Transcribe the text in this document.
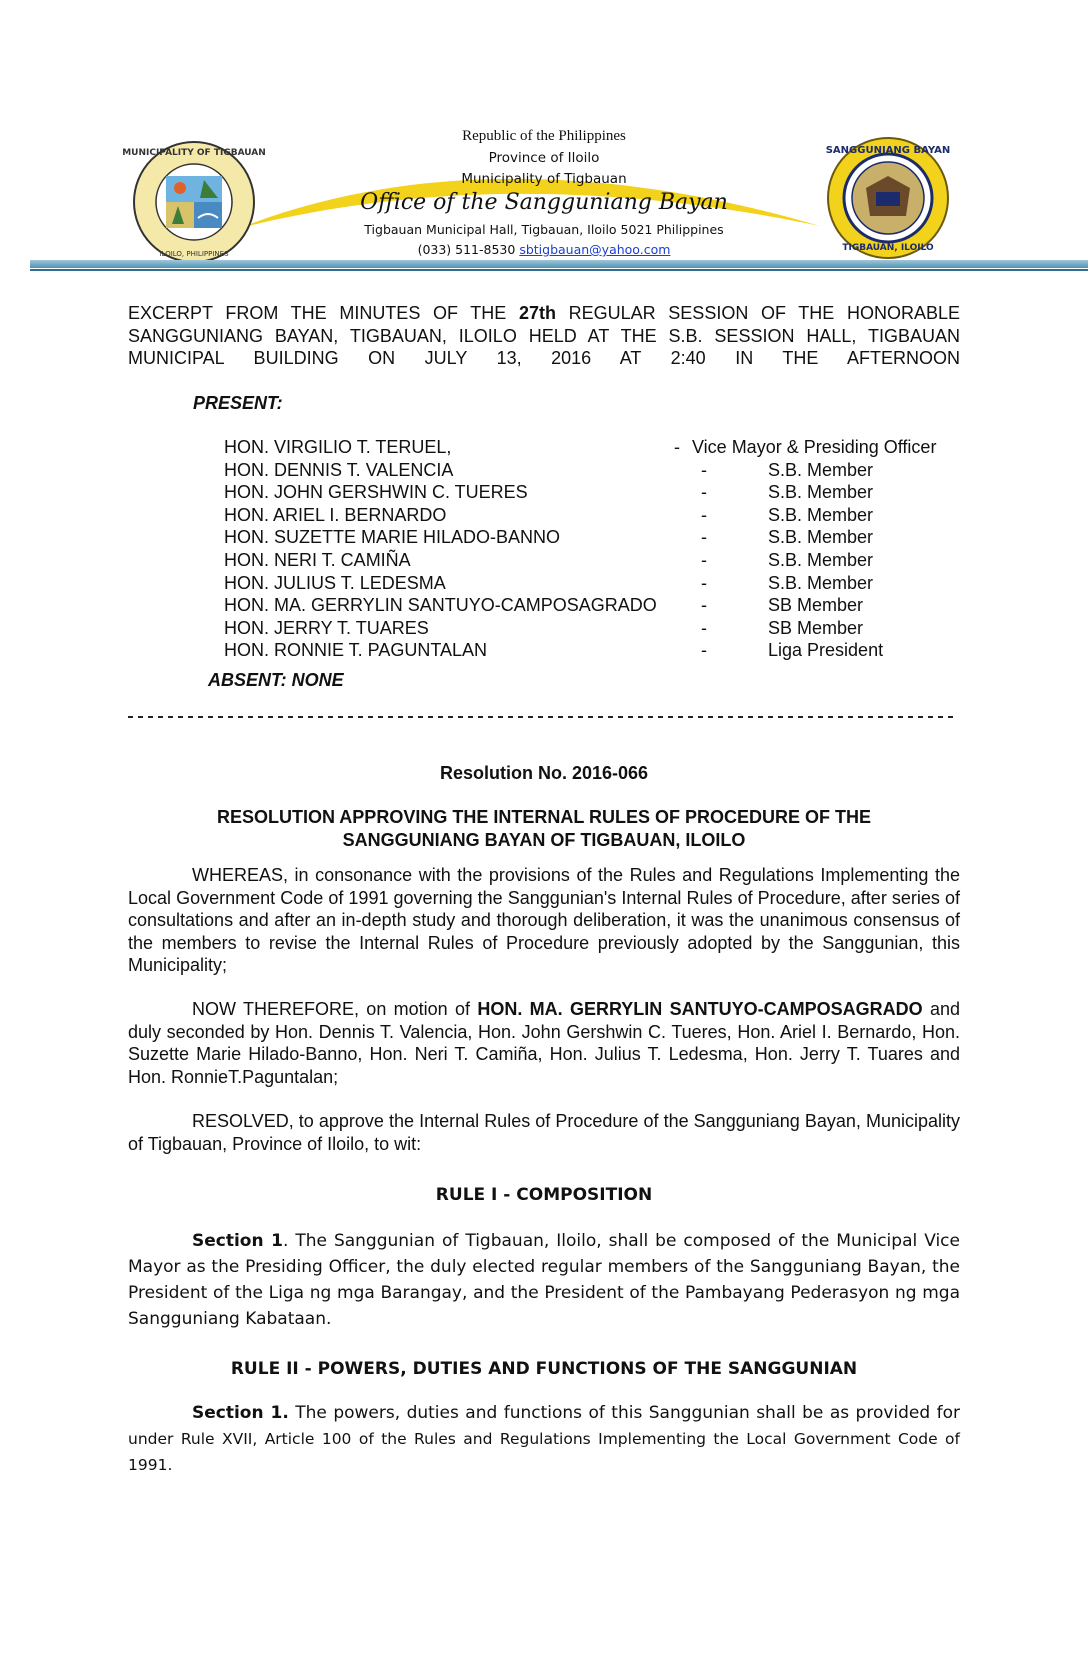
MUNICIPALITY OF TIGBAUAN
ILOILO, PHILIPPINES
SANGGUNIANG BAYAN
TIGBAUAN, ILOILO
Republic of the Philippines
Province of Iloilo
Municipality of Tigbauan
Office of the Sangguniang Bayan
Tigbauan Municipal Hall, Tigbauan, Iloilo 5021 Philippines
(033) 511-8530 sbtigbauan@yahoo.com
EXCERPT FROM THE MINUTES OF THE 27th REGULAR SESSION OF THE HONORABLE SANGGUNIANG BAYAN, TIGBAUAN, ILOILO HELD AT THE S.B. SESSION HALL, TIGBAUAN MUNICIPAL BUILDING ON JULY 13, 2016 AT 2:40 IN THE AFTERNOON
PRESENT:
HON. VIRGILIO T. TERUEL,	- Vice Mayor & Presiding Officer
HON. DENNIS T. VALENCIA	-	S.B. Member
HON. JOHN GERSHWIN C. TUERES	-	S.B. Member
HON. ARIEL I. BERNARDO	-	S.B. Member
HON. SUZETTE MARIE HILADO-BANNO	-	S.B. Member
HON. NERI T. CAMIÑA	-	S.B. Member
HON. JULIUS T. LEDESMA	-	S.B. Member
HON. MA. GERRYLIN SANTUYO-CAMPOSAGRADO -	SB Member
HON. JERRY T. TUARES	-	SB Member
HON. RONNIE T. PAGUNTALAN	-	Liga President
ABSENT: NONE
Resolution No. 2016-066
RESOLUTION APPROVING THE INTERNAL RULES OF PROCEDURE OF THE
SANGGUNIANG BAYAN OF TIGBAUAN, ILOILO
WHEREAS, in consonance with the provisions of the Rules and Regulations Implementing the Local Government Code of 1991 governing the Sanggunian's Internal Rules of Procedure, after series of consultations and after an in-depth study and thorough deliberation, it was the unanimous consensus of the members to revise the Internal Rules of Procedure previously adopted by the Sanggunian, this Municipality;
NOW THEREFORE, on motion of HON. MA. GERRYLIN SANTUYO-CAMPOSAGRADO and duly seconded by Hon. Dennis T. Valencia, Hon. John Gershwin C. Tueres, Hon. Ariel I. Bernardo, Hon. Suzette Marie Hilado-Banno, Hon. Neri T. Camiña, Hon. Julius T. Ledesma, Hon. Jerry T. Tuares and Hon. RonnieT.Paguntalan;
RESOLVED, to approve the Internal Rules of Procedure of the Sangguniang Bayan, Municipality of Tigbauan, Province of Iloilo, to wit:
RULE I - COMPOSITION
Section 1. The Sanggunian of Tigbauan, Iloilo, shall be composed of the Municipal Vice Mayor as the Presiding Officer, the duly elected regular members of the Sangguniang Bayan, the President of the Liga ng mga Barangay, and the President of the Pambayang Pederasyon ng mga Sangguniang Kabataan.
RULE II - POWERS, DUTIES AND FUNCTIONS OF THE SANGGUNIAN
Section 1. The powers, duties and functions of this Sanggunian shall be as provided for
under Rule XVII, Article 100 of the Rules and Regulations Implementing the Local Government Code of 1991.
